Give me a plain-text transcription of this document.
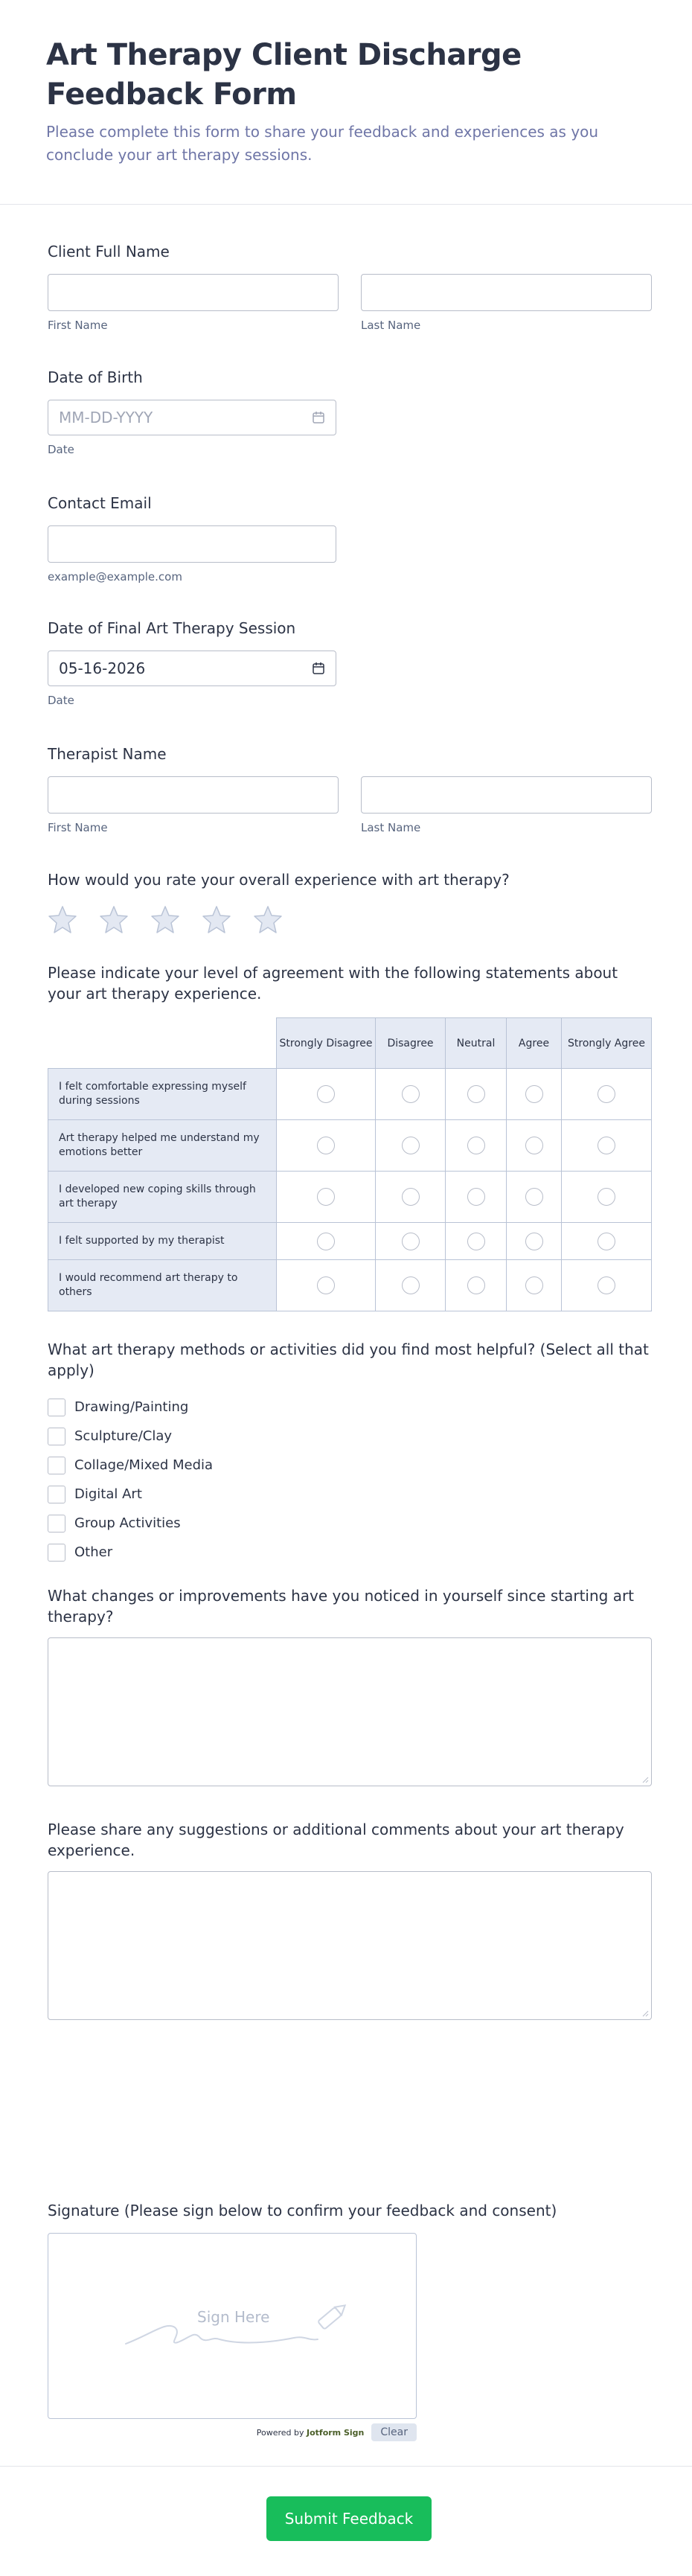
Art Therapy Client Discharge Feedback Form
Please complete this form to share your feedback and experiences as you conclude your art therapy sessions.
Client Full Name
First Name	Last Name
Date of Birth
MM-DD-YYYY
Date
Contact Email
example@example.com
Date of Final Art Therapy Session
05-16-2026
Date
Therapist Name
First Name	Last Name
How would you rate your overall experience with art therapy?
Please indicate your level of agreement with the following statements about your art therapy experience.
	Strongly Disagree	Disagree	Neutral	Agree	Strongly Agree
I felt comfortable expressing myself during sessions					
Art therapy helped me understand my emotions better					
I developed new coping skills through art therapy					
I felt supported by my therapist					
I would recommend art therapy to others					
What art therapy methods or activities did you find most helpful? (Select all that apply)
Drawing/Painting
Sculpture/Clay
Collage/Mixed Media
Digital Art
Group Activities
Other
What changes or improvements have you noticed in yourself since starting art therapy?
Please share any suggestions or additional comments about your art therapy experience.
Signature (Please sign below to confirm your feedback and consent)
Sign Here
Powered by Jotform Sign	Clear
Submit Feedback
